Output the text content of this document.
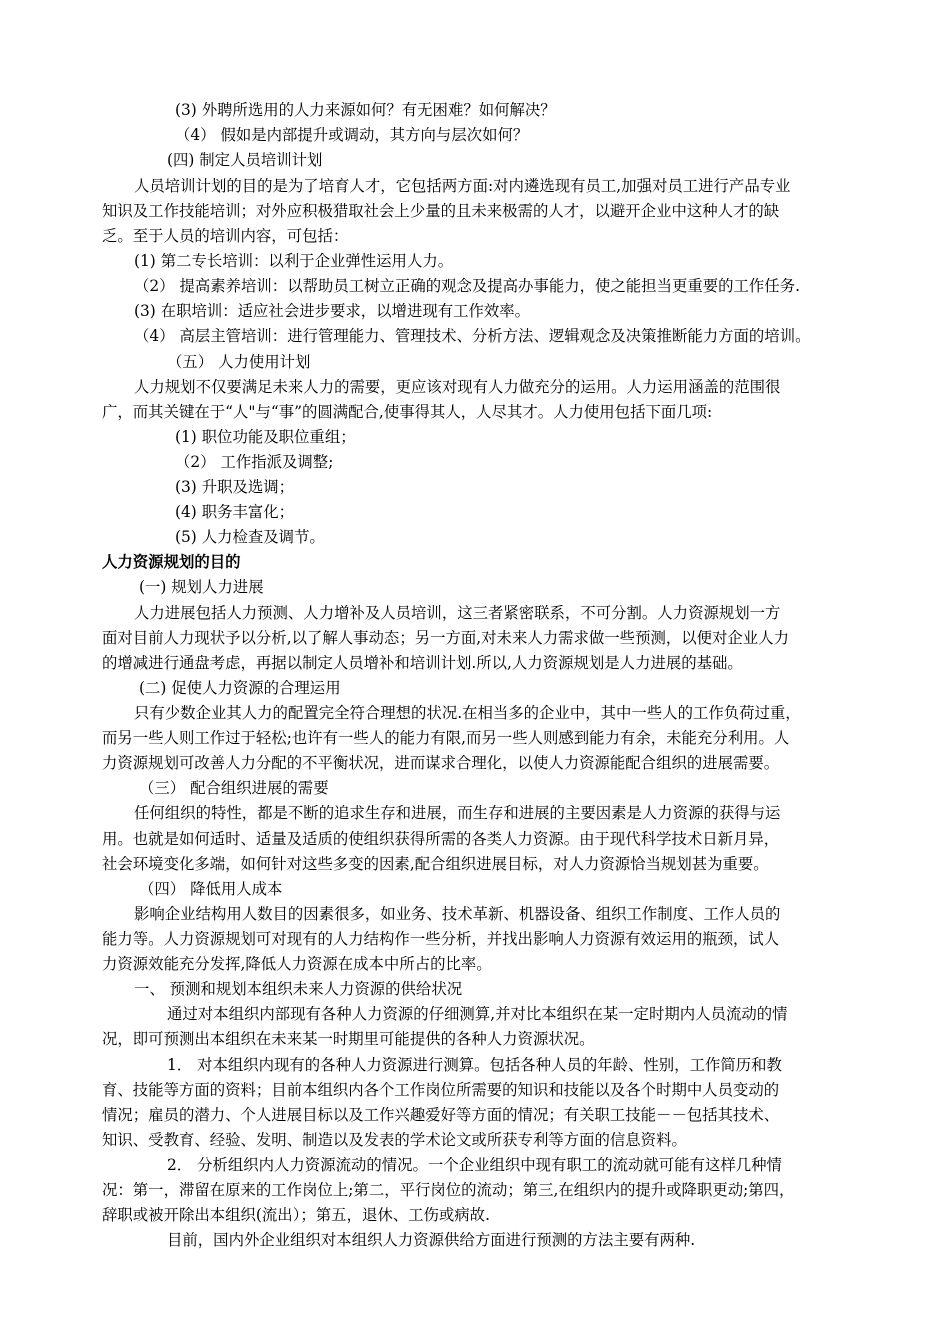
(3) 外聘所选用的人力来源如何？有无困难？如何解决？
（4） 假如是内部提升或调动，其方向与层次如何？
(四) 制定人员培训计划
人员培训计划的目的是为了培育人才，它包括两方面:对内遴选现有员工,加强对员工进行产品专业
知识及工作技能培训；对外应积极猎取社会上少量的且未来极需的人才，以避开企业中这种人才的缺
乏。至于人员的培训内容，可包括：
(1) 第二专长培训：以利于企业弹性运用人力。
（2） 提高素养培训：以帮助员工树立正确的观念及提高办事能力，使之能担当更重要的工作任务.
(3) 在职培训：适应社会进步要求，以增进现有工作效率。
（4） 高层主管培训：进行管理能力、管理技术、分析方法、逻辑观念及决策推断能力方面的培训。
（五） 人力使用计划
人力规划不仅要满足未来人力的需要，更应该对现有人力做充分的运用。人力运用涵盖的范围很
广，而其关键在于“人"与“事”的圆满配合,使事得其人，人尽其才。人力使用包括下面几项:
(1) 职位功能及职位重组；
（2） 工作指派及调整;
(3) 升职及选调；
(4) 职务丰富化；
(5) 人力检查及调节。
人力资源规划的目的
(一) 规划人力进展
人力进展包括人力预测、人力增补及人员培训，这三者紧密联系，不可分割。人力资源规划一方
面对目前人力现状予以分析,以了解人事动态；另一方面,对未来人力需求做一些预测，以便对企业人力
的增减进行通盘考虑，再据以制定人员增补和培训计划.所以,人力资源规划是人力进展的基础。
(二) 促使人力资源的合理运用
只有少数企业其人力的配置完全符合理想的状况.在相当多的企业中，其中一些人的工作负荷过重，
而另一些人则工作过于轻松;也许有一些人的能力有限,而另一些人则感到能力有余，未能充分利用。人
力资源规划可改善人力分配的不平衡状况，进而谋求合理化，以使人力资源能配合组织的进展需要。
（三） 配合组织进展的需要
任何组织的特性，都是不断的追求生存和进展，而生存和进展的主要因素是人力资源的获得与运
用。也就是如何适时、适量及适质的使组织获得所需的各类人力资源。由于现代科学技术日新月异，
社会环境变化多端，如何针对这些多变的因素,配合组织进展目标，对人力资源恰当规划甚为重要。
（四） 降低用人成本
影响企业结构用人数目的因素很多，如业务、技术革新、机器设备、组织工作制度、工作人员的
能力等。人力资源规划可对现有的人力结构作一些分析，并找出影响人力资源有效运用的瓶颈，试人
力资源效能充分发挥,降低人力资源在成本中所占的比率。
一、 预测和规划本组织未来人力资源的供给状况
通过对本组织内部现有各种人力资源的仔细测算,并对比本组织在某一定时期内人员流动的情
况，即可预测出本组织在未来某一时期里可能提供的各种人力资源状况。
1． 对本组织内现有的各种人力资源进行测算。包括各种人员的年龄、性别，工作简历和教
育、技能等方面的资料；目前本组织内各个工作岗位所需要的知识和技能以及各个时期中人员变动的
情况；雇员的潜力、个人进展目标以及工作兴趣爱好等方面的情况；有关职工技能－－包括其技术、
知识、受教育、经验、发明、制造以及发表的学术论文或所获专利等方面的信息资料。
2． 分析组织内人力资源流动的情况。一个企业组织中现有职工的流动就可能有这样几种情
况：第一，滞留在原来的工作岗位上;第二，平行岗位的流动；第三,在组织内的提升或降职更动;第四，
辞职或被开除出本组织(流出）；第五，退休、工伤或病故.
目前，国内外企业组织对本组织人力资源供给方面进行预测的方法主要有两种.
